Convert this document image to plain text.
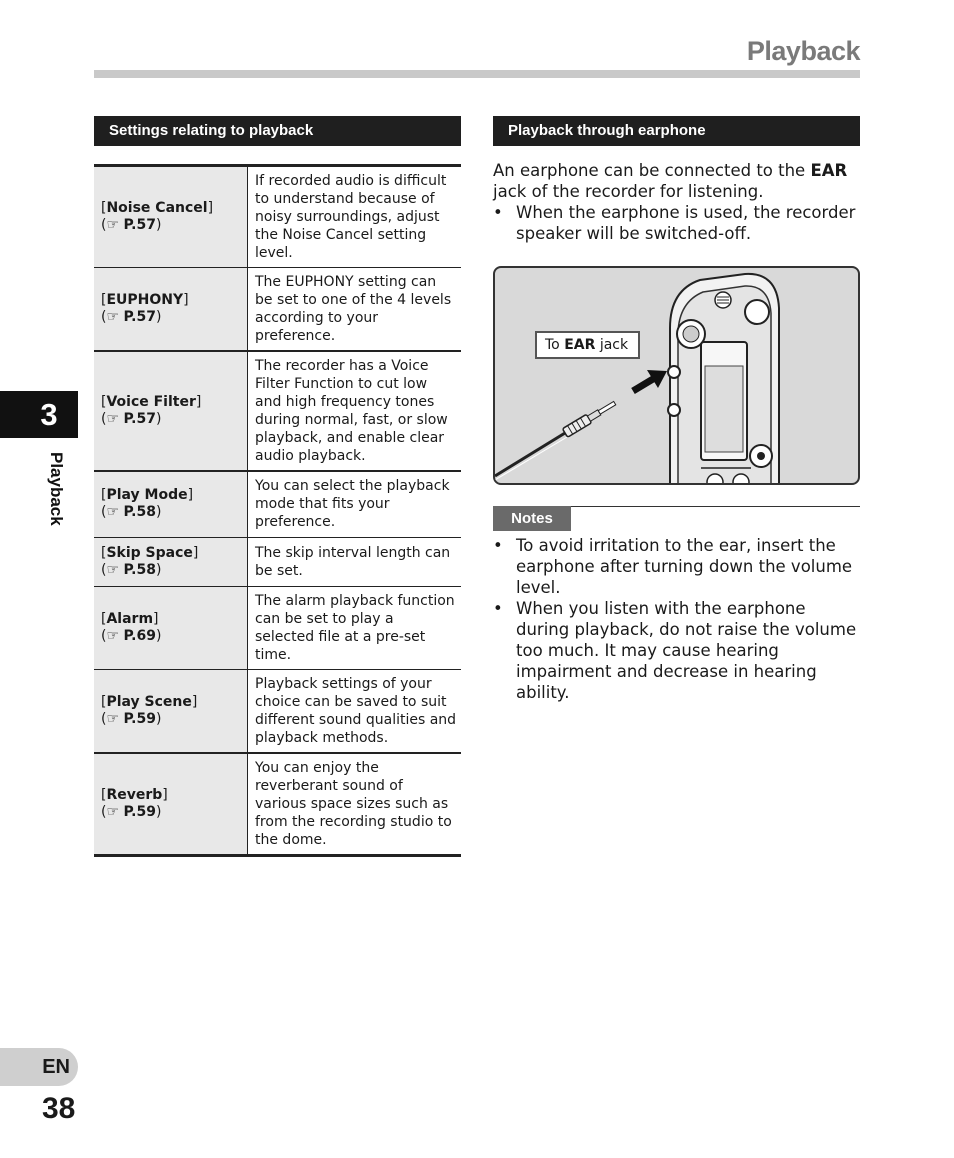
Playback
3
Playback
Settings relating to playback
[Noise Cancel]
(☞ P.57)	If recorded audio is difficult to understand because of noisy surroundings, adjust the Noise Cancel setting level.
[EUPHONY]
(☞ P.57)	The EUPHONY setting can be set to one of the 4 levels according to your preference.
[Voice Filter]
(☞ P.57)	The recorder has a Voice Filter Function to cut low and high frequency tones during normal, fast, or slow playback, and enable clear audio playback.
[Play Mode]
(☞ P.58)	You can select the playback mode that fits your preference.
[Skip Space]
(☞ P.58)	The skip interval length can be set.
[Alarm]
(☞ P.69)	The alarm playback function can be set to play a selected file at a pre-set time.
[Play Scene]
(☞ P.59)	Playback settings of your choice can be saved to suit different sound qualities and playback methods.
[Reverb]
(☞ P.59)	You can enjoy the reverberant sound of various space sizes such as from the recording studio to the dome.
Playback through earphone

An earphone can be connected to the EAR jack of the recorder for listening.

• When the earphone is used, the recorder speaker will be switched-off.
To EAR jack
Notes
• To avoid irritation to the ear, insert the earphone after turning down the volume level.
• When you listen with the earphone during playback, do not raise the volume too much. It may cause hearing impairment and decrease in hearing ability.
EN
38
